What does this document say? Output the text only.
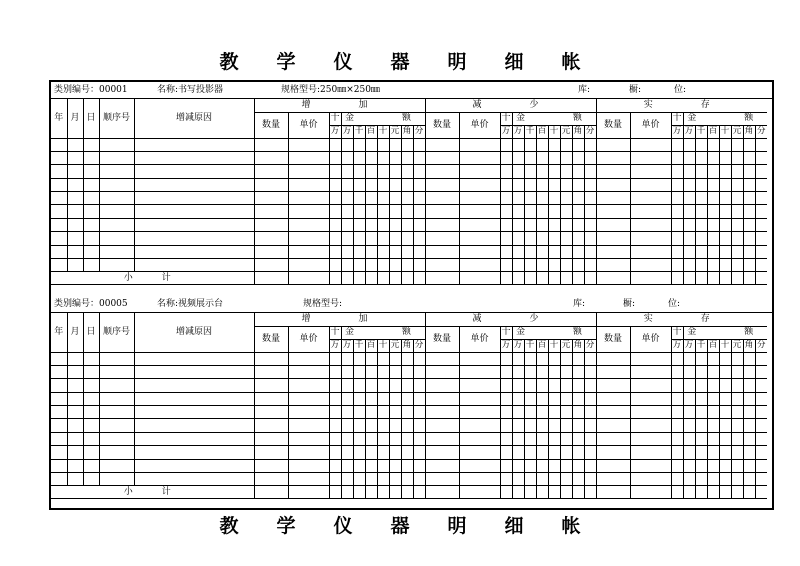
教学仪器明细帐
类别编号：00001	名称:书写投影器	规格型号:250㎜×250㎜	库:	橱:	位:
年	月	日	顺序号	增减原因	增　　加										减　　少										实　　存									
					数量	单价	十	金　　额							数量	单价	十	金　　额							数量	单价	十	金　　额						
							万	万	千	百	十	元	角	分			万	万	千	百	十	元	角	分			万	万	千	百	十	元	角	分

小　计																																		
类别编号：00005	名称:视频展示台	规格型号:	库:	橱:	位:
年	月	日	顺序号	增减原因	增　　加										减　　少										实　　存									
					数量	单价	十	金　　额							数量	单价	十	金　　额							数量	单价	十	金　　额						
							万	万	千	百	十	元	角	分			万	万	千	百	十	元	角	分			万	万	千	百	十	元	角	分

小　计																																		
教学仪器明细帐
